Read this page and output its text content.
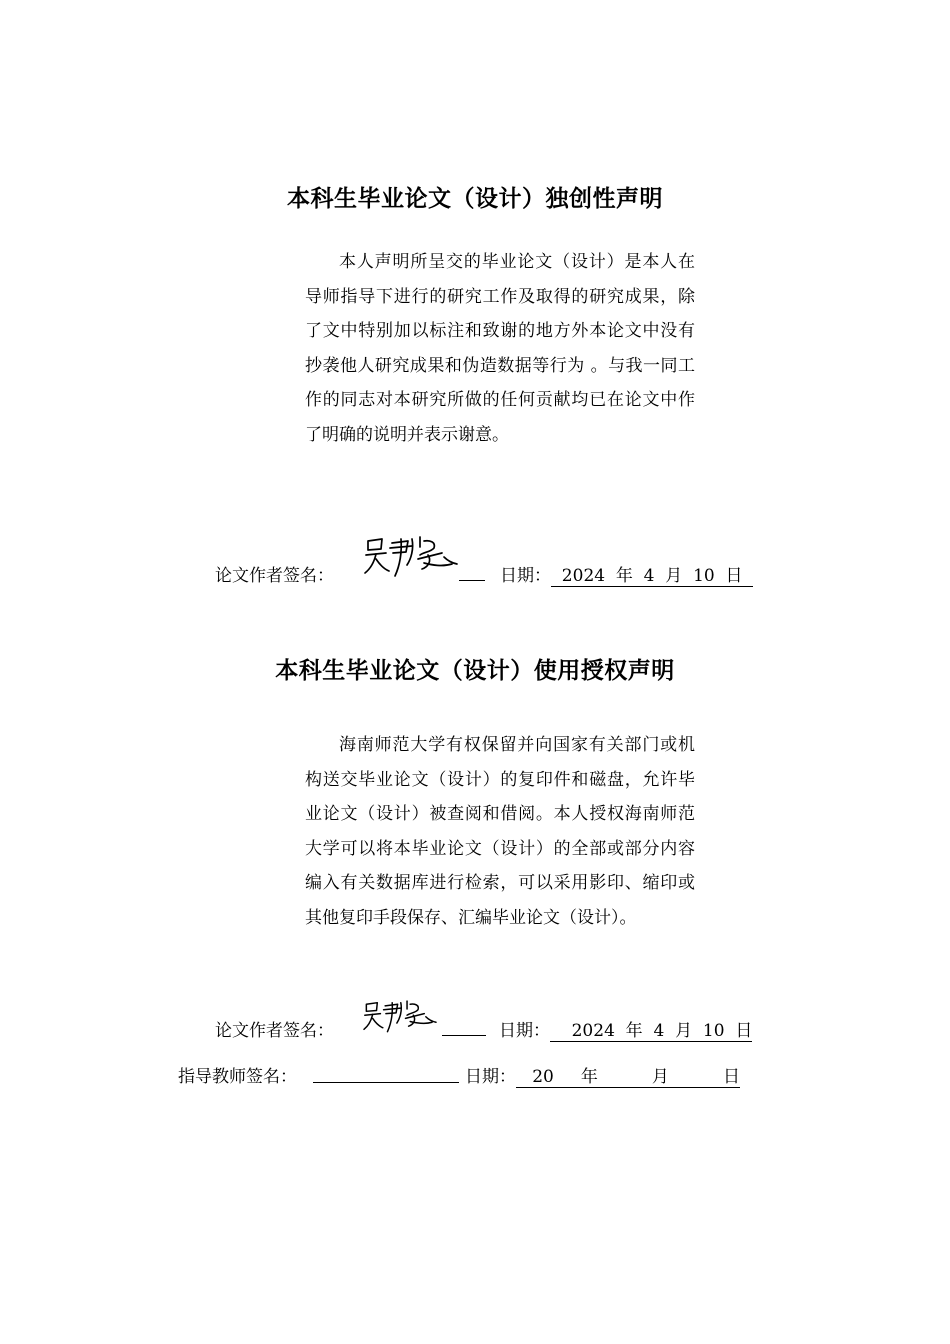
本科生毕业论文（设计）独创性声明

本人声明所呈交的毕业论文（设计）是本人在导师指导下进行的研究工作及取得的研究成果，除了文中特别加以标注和致谢的地方外本论文中没有抄袭他人研究成果和伪造数据等行为 。与我一同工作的同志对本研究所做的任何贡献均已在论文中作了明确的说明并表示谢意。

论文作者签名：	日期：  2024  年  4  月  10  日
本科生毕业论文（设计）使用授权声明

海南师范大学有权保留并向国家有关部门或机构送交毕业论文（设计）的复印件和磁盘，允许毕业论文（设计）被查阅和借阅。本人授权海南师范大学可以将本毕业论文（设计）的全部或部分内容编入有关数据库进行检索，可以采用影印、缩印或其他复印手段保存、汇编毕业论文（设计）。

论文作者签名：	日期：    2024  年  4  月  10  日
指导教师签名：	日期：   20     年          月          日
